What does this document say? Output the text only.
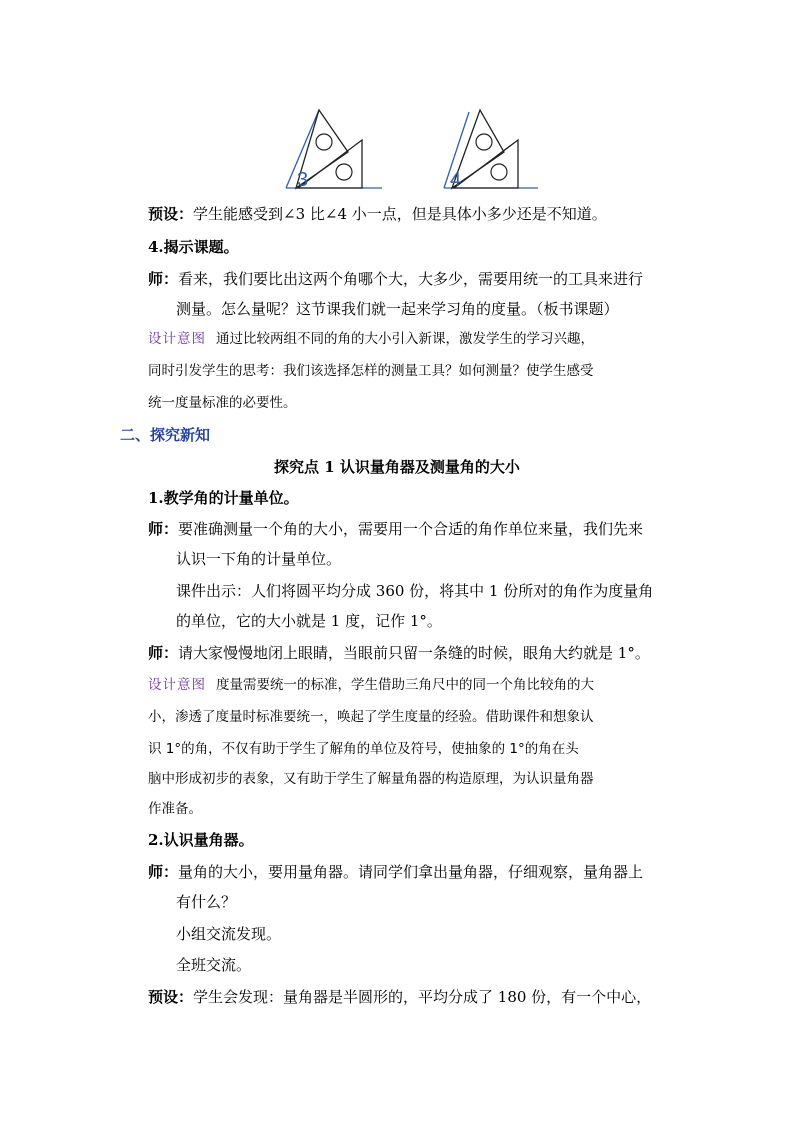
3	4
预设：学生能感受到∠3 比∠4 小一点，但是具体小多少还是不知道。
4.揭示课题。
师：看来，我们要比出这两个角哪个大，大多少，需要用统一的工具来进行
测量。怎么量呢？这节课我们就一起来学习角的度量。（板书课题）
设计意图 通过比较两组不同的角的大小引入新课，激发学生的学习兴趣，
同时引发学生的思考：我们该选择怎样的测量工具？如何测量？使学生感受
统一度量标准的必要性。
二、探究新知
探究点 1 认识量角器及测量角的大小
1.教学角的计量单位。
师：要准确测量一个角的大小，需要用一个合适的角作单位来量，我们先来
认识一下角的计量单位。
课件出示：人们将圆平均分成 360 份，将其中 1 份所对的角作为度量角
的单位，它的大小就是 1 度，记作 1°。
师：请大家慢慢地闭上眼睛，当眼前只留一条缝的时候，眼角大约就是 1°。
设计意图 度量需要统一的标准，学生借助三角尺中的同一个角比较角的大
小，渗透了度量时标准要统一，唤起了学生度量的经验。借助课件和想象认
识 1°的角，不仅有助于学生了解角的单位及符号，使抽象的 1°的角在头
脑中形成初步的表象，又有助于学生了解量角器的构造原理，为认识量角器
作准备。
2.认识量角器。
师：量角的大小，要用量角器。请同学们拿出量角器，仔细观察，量角器上
有什么？
小组交流发现。
全班交流。
预设：学生会发现：量角器是半圆形的，平均分成了 180 份，有一个中心，
